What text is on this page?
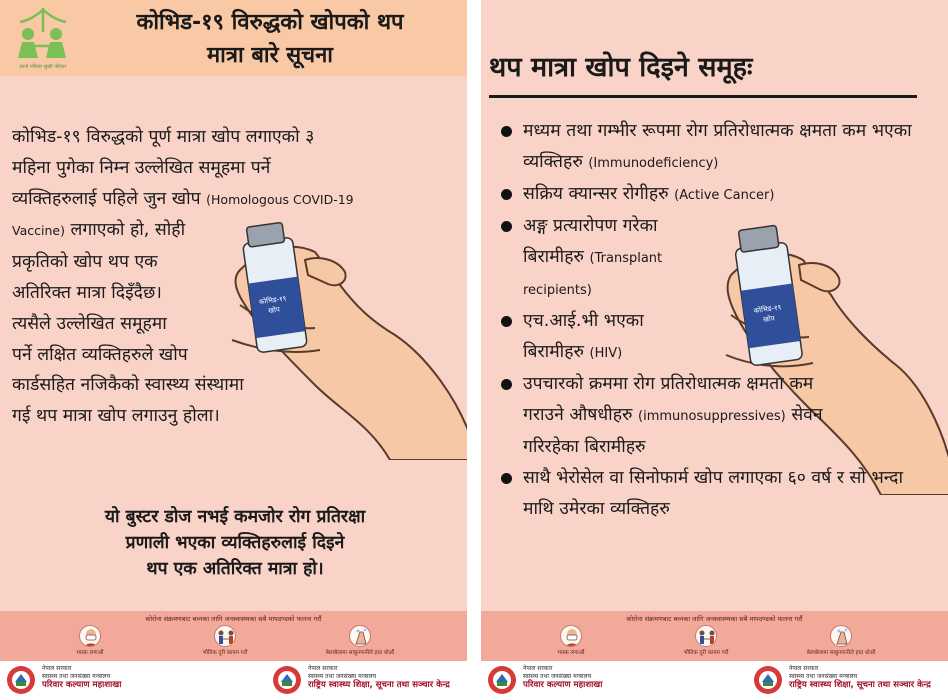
सानो परिवार सुखी परिवार
कोभिड-१९ विरुद्धको खोपको थप
मात्रा बारे सूचना
कोभिड-१९ विरुद्धको पूर्ण मात्रा खोप लगाएको ३
महिना पुगेका निम्न उल्लेखित समूहमा पर्ने
व्यक्तिहरुलाई पहिले जुन खोप (Homologous COVID-19
Vaccine) लगाएको हो, सोही
प्रकृतिको खोप थप एक
अतिरिक्त मात्रा दिइँदैछ।
त्यसैले उल्लेखित समूहमा
पर्ने लक्षित व्यक्तिहरुले खोप
कार्डसहित नजिकैको स्वास्थ्य संस्थामा
गई थप मात्रा खोप लगाउनु होला।
कोभिड-१९
खोप
यो बुस्टर डोज नभई कमजोर रोग प्रतिरक्षा
प्रणाली भएका व्यक्तिहरुलाई दिइने
थप एक अतिरिक्त मात्रा हो।
कोरोना संक्रमणबाट बच्नका लागि जनस्वास्थ्यका सबै मापदण्डको पालना गरौं
मास्क लगाऔं	भौतिक दूरी कायम गरौं	बेलाबेलामा साबुनपानीले हात धोऔं
नेपाल सरकार
स्वास्थ्य तथा जनसंख्या मन्त्रालय
परिवार कल्याण महाशाखा
नेपाल सरकार
स्वास्थ्य तथा जनसंख्या मन्त्रालय
राष्ट्रिय स्वास्थ्य शिक्षा, सूचना तथा सञ्चार केन्द्र
थप मात्रा खोप दिइने समूहः
कोभिड-१९
खोप
मध्यम तथा गम्भीर रूपमा रोग प्रतिरोधात्मक क्षमता कम भएका व्यक्तिहरु (Immunodeficiency)
सक्रिय क्यान्सर रोगीहरु (Active Cancer)
अङ्ग प्रत्यारोपण गरेका बिरामीहरु (Transplant recipients)
एच.आई.भी भएका बिरामीहरु (HIV)
उपचारको क्रममा रोग प्रतिरोधात्मक क्षमता कम गराउने औषधीहरु (immunosuppressives) सेवन गरिरहेका बिरामीहरु
साथै भेरोसेल वा सिनोफार्म खोप लगाएका ६० वर्ष र सो भन्दा माथि उमेरका व्यक्तिहरु
कोरोना संक्रमणबाट बच्नका लागि जनस्वास्थ्यका सबै मापदण्डको पालना गरौं
मास्क लगाऔं	भौतिक दूरी कायम गरौं	बेलाबेलामा साबुनपानीले हात धोऔं
नेपाल सरकार
स्वास्थ्य तथा जनसंख्या मन्त्रालय
परिवार कल्याण महाशाखा
नेपाल सरकार
स्वास्थ्य तथा जनसंख्या मन्त्रालय
राष्ट्रिय स्वास्थ्य शिक्षा, सूचना तथा सञ्चार केन्द्र
